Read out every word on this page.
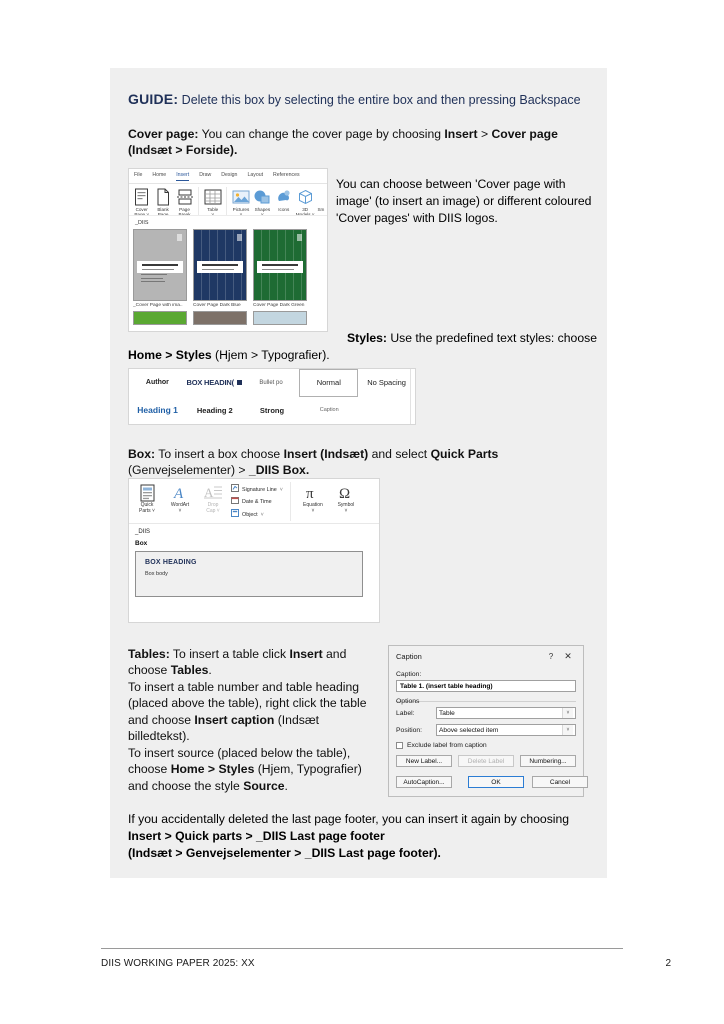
GUIDE: Delete this box by selecting the entire box and then pressing Backspace

Cover page: You can change the cover page by choosing Insert > Cover page
(Indsæt > Forside).

File Home Insert Draw Design Layout References
Cover	Blank	Page	Table	Pictures	Shapes	Icons	3D	Sm
_DIIS
_Cover Page with ima..	Cover Page Dark Blue	Cover Page Dark Green
You can choose between 'Cover page with image' (to insert an image) or different coloured 'Cover pages' with DIIS logos.
Styles: Use the predefined text styles: choose
Home > Styles (Hjem > Typografier).
Author BOX HEADIN(	Bullet po	Normal	No Spacing
Heading 1	Heading 2	Strong	Caption

Box: To insert a box choose Insert (Indsæt) and select Quick Parts
(Genvejselementer) > _DIIS Box.

Quick
Parts ˅
A
WordArt
˅
A
Drop
Cap ˅
Signature Line ˅
Date & Time
Object ˅
π
Equation
˅
Ω
Symbol
˅
_DIIS
Box
BOX HEADING

Box body

Tables: To insert a table click Insert and choose Tables.

To insert a table number and table heading (placed above the table), right click the table and choose Insert caption (Indsæt billedtekst).

To insert source (placed below the table), choose Home > Styles (Hjem, Typografier) and choose the style Source.

Caption	?	✕
Caption:
Table 1. (insert table heading)
Options
Label:	Table	˅
Position:	Above selected item	˅
Exclude label from caption
New Label...	Delete Label	Numbering...
AutoCaption...	OK	Cancel
If you accidentally deleted the last page footer, you can insert it again by choosing
Insert > Quick parts > _DIIS Last page footer
(Indsæt > Genvejselementer > _DIIS Last page footer).
DIIS WORKING PAPER 2025: XX	2
